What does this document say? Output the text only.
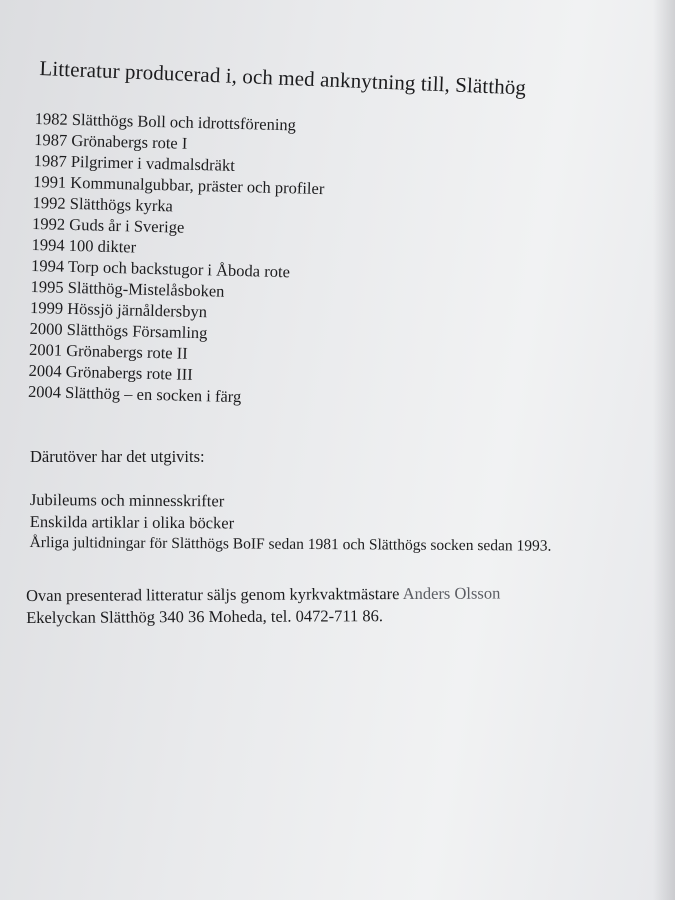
Litteratur producerad i, och med anknytning till, Slätthög
1982 Slätthögs Boll och idrottsförening
1987 Grönabergs rote I
1987 Pilgrimer i vadmalsdräkt
1991 Kommunalgubbar, präster och profiler
1992 Slätthögs kyrka
1992 Guds år i Sverige
1994 100 dikter
1994 Torp och backstugor i Åboda rote
1995 Slätthög-Mistelåsboken
1999 Hössjö järnåldersbyn
2000 Slätthögs Församling
2001 Grönabergs rote II
2004 Grönabergs rote III
2004 Slätthög – en socken i färg
Därutöver har det utgivits:
Jubileums och minnesskrifter
Enskilda artiklar i olika böcker
Årliga jultidningar för Slätthögs BoIF sedan 1981 och Slätthögs socken sedan 1993.
Ovan presenterad litteratur säljs genom kyrkvaktmästare Anders Olsson
Ekelyckan Slätthög 340 36 Moheda, tel. 0472-711 86.
